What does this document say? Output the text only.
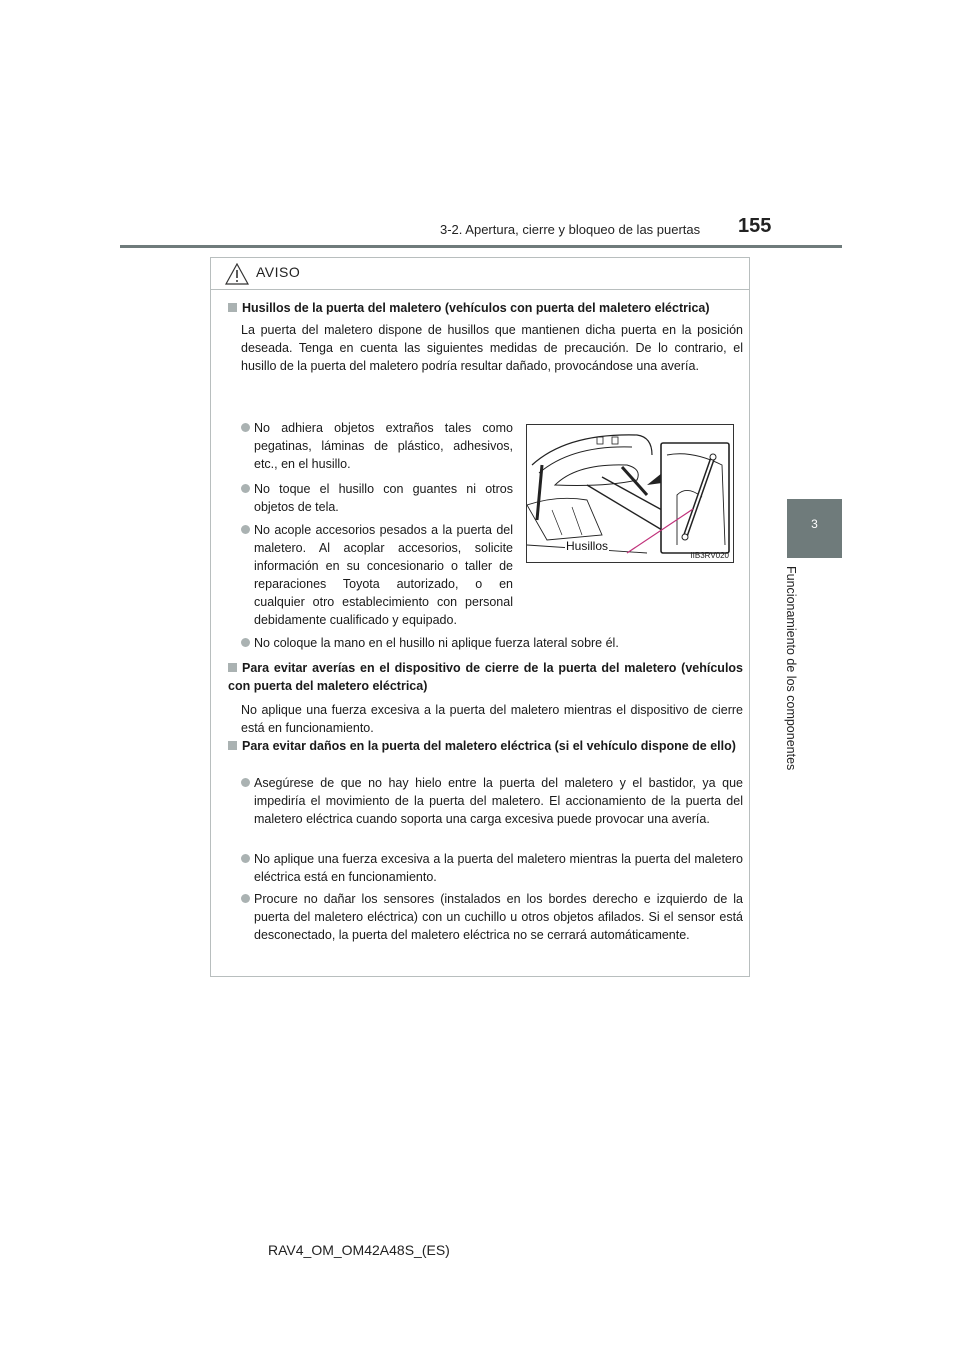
3-2. Apertura, cierre y bloqueo de las puertas 155
3
Funcionamiento de los componentes
AVISO
Husillos de la puerta del maletero (vehículos con puerta del maletero eléctrica)
La puerta del maletero dispone de husillos que mantienen dicha puerta en la posición deseada. Tenga en cuenta las siguientes medidas de precaución. De lo contrario, el husillo de la puerta del maletero podría resultar dañado, provocándose una avería.
No adhiera objetos extraños tales como pegatinas, láminas de plástico, adhesivos, etc., en el husillo.
No toque el husillo con guantes ni otros objetos de tela.
No acople accesorios pesados a la puerta del maletero. Al acoplar accesorios, solicite información en su concesionario o taller de reparaciones Toyota autorizado, o en cualquier otro establecimiento con personal debidamente cualificado y equipado.
No coloque la mano en el husillo ni aplique fuerza lateral sobre él.
Husillos
IIB3RV020
Para evitar averías en el dispositivo de cierre de la puerta del maletero (vehículos con puerta del maletero eléctrica)
No aplique una fuerza excesiva a la puerta del maletero mientras el dispositivo de cierre está en funcionamiento.
Para evitar daños en la puerta del maletero eléctrica (si el vehículo dispone de ello)
Asegúrese de que no hay hielo entre la puerta del maletero y el bastidor, ya que impediría el movimiento de la puerta del maletero. El accionamiento de la puerta del maletero eléctrica cuando soporta una carga excesiva puede provocar una avería.
No aplique una fuerza excesiva a la puerta del maletero mientras la puerta del maletero eléctrica está en funcionamiento.
Procure no dañar los sensores (instalados en los bordes derecho e izquierdo de la puerta del maletero eléctrica) con un cuchillo u otros objetos afilados. Si el sensor está desconectado, la puerta del maletero eléctrica no se cerrará automáticamente.
RAV4_OM_OM42A48S_(ES)
